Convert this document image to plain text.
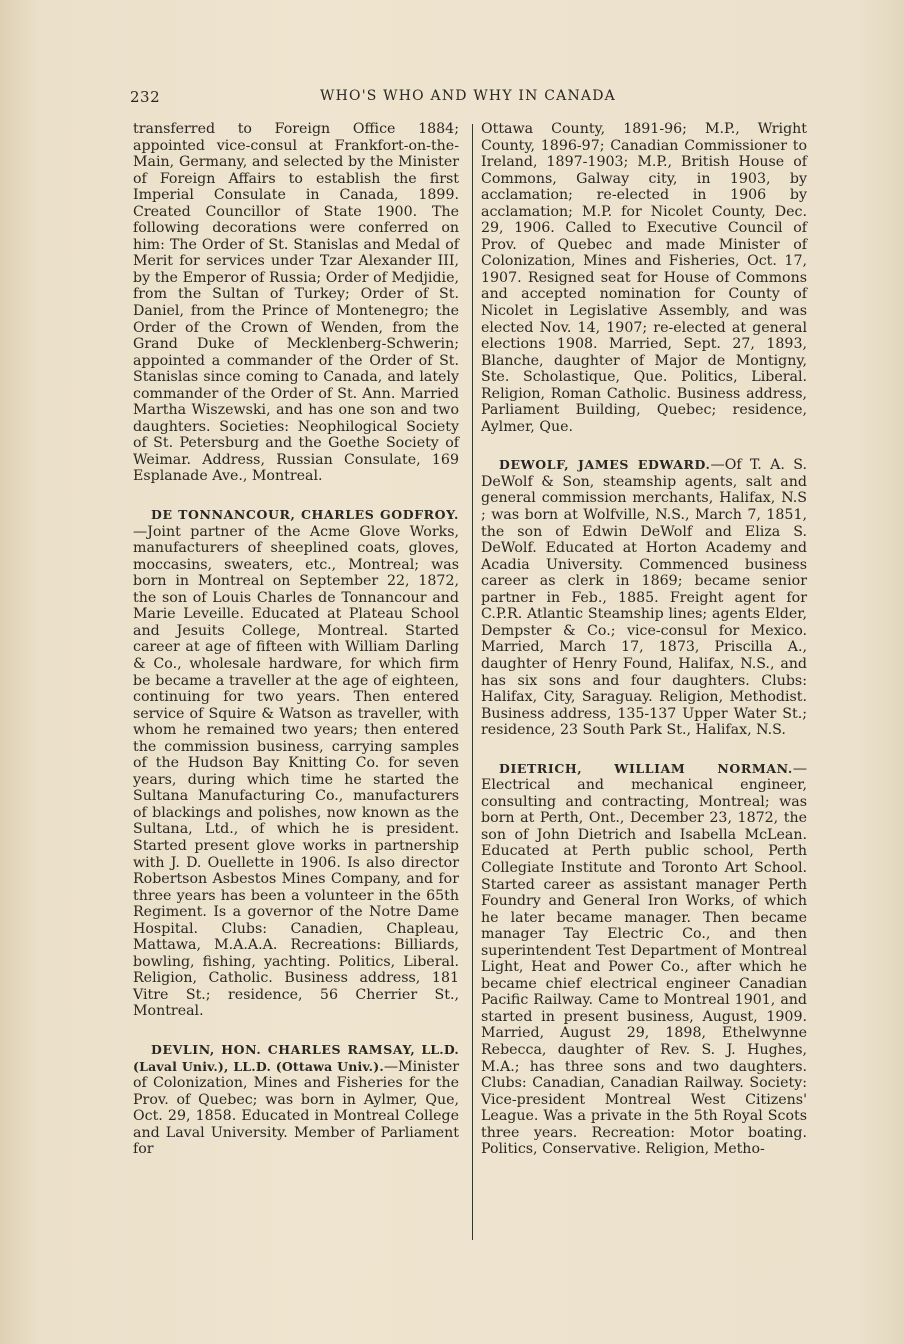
232	WHO'S WHO AND WHY IN CANADA

transferred to Foreign Office 1884; appointed vice-consul at Frankfort-on-the-Main, Germany, and selected by the Minister of Foreign Affairs to establish the first Imperial Consulate in Canada, 1899. Created Councillor of State 1900. The following decorations were conferred on him: The Order of St. Stanislas and Medal of Merit for services under Tzar Alexander III, by the Emperor of Russia; Order of Medjidie, from the Sultan of Turkey; Order of St. Daniel, from the Prince of Montenegro; the Order of the Crown of Wenden, from the Grand Duke of Mecklenberg-Schwerin; appointed a commander of the Order of St. Stanislas since coming to Canada, and lately commander of the Order of St. Ann. Married Martha Wiszewski, and has one son and two daughters. Societies: Neophilogical Society of St. Petersburg and the Goethe Society of Weimar. Address, Russian Consulate, 169 Esplanade Ave., Montreal.

DE TONNANCOUR, CHARLES GODFROY.—Joint partner of the Acme Glove Works, manufacturers of sheeplined coats, gloves, moccasins, sweaters, etc., Montreal; was born in Montreal on September 22, 1872, the son of Louis Charles de Tonnancour and Marie Leveille. Educated at Plateau School and Jesuits College, Montreal. Started career at age of fifteen with William Darling & Co., wholesale hardware, for which firm be became a traveller at the age of eighteen, continuing for two years. Then entered service of Squire & Watson as traveller, with whom he remained two years; then entered the commission business, carrying samples of the Hudson Bay Knitting Co. for seven years, during which time he started the Sultana Manufacturing Co., manufacturers of blackings and polishes, now known as the Sultana, Ltd., of which he is president. Started present glove works in partnership with J. D. Ouellette in 1906. Is also director Robertson Asbestos Mines Company, and for three years has been a volunteer in the 65th Regiment. Is a governor of the Notre Dame Hospital. Clubs: Canadien, Chapleau, Mattawa, M.A.A.A. Recreations: Billiards, bowling, fishing, yachting. Politics, Liberal. Religion, Catholic. Business address, 181 Vitre St.; residence, 56 Cherrier St., Montreal.

DEVLIN, HON. CHARLES RAMSAY, LL.D. (Laval Univ.), LL.D. (Ottawa Univ.).—Minister of Colonization, Mines and Fisheries for the Prov. of Quebec; was born in Aylmer, Que, Oct. 29, 1858. Educated in Montreal College and Laval University. Member of Parliament for

Ottawa County, 1891-96; M.P., Wright County, 1896-97; Canadian Commissioner to Ireland, 1897-1903; M.P., British House of Commons, Galway city, in 1903, by acclamation; re-elected in 1906 by acclamation; M.P. for Nicolet County, Dec. 29, 1906. Called to Executive Council of Prov. of Quebec and made Minister of Colonization, Mines and Fisheries, Oct. 17, 1907. Resigned seat for House of Commons and accepted nomination for County of Nicolet in Legislative Assembly, and was elected Nov. 14, 1907; re-elected at general elections 1908. Married, Sept. 27, 1893, Blanche, daughter of Major de Montigny, Ste. Scholastique, Que. Politics, Liberal. Religion, Roman Catholic. Business address, Parliament Building, Quebec; residence, Aylmer, Que.

DEWOLF, JAMES EDWARD.—Of T. A. S. DeWolf & Son, steamship agents, salt and general commission merchants, Halifax, N.S ; was born at Wolfville, N.S., March 7, 1851, the son of Edwin DeWolf and Eliza S. DeWolf. Educated at Horton Academy and Acadia University. Commenced business career as clerk in 1869; became senior partner in Feb., 1885. Freight agent for C.P.R. Atlantic Steamship lines; agents Elder, Dempster & Co.; vice-consul for Mexico. Married, March 17, 1873, Priscilla A., daughter of Henry Found, Halifax, N.S., and has six sons and four daughters. Clubs: Halifax, City, Saraguay. Religion, Methodist. Business address, 135-137 Upper Water St.; residence, 23 South Park St., Halifax, N.S.

DIETRICH, WILLIAM NORMAN.—Electrical and mechanical engineer, consulting and contracting, Montreal; was born at Perth, Ont., December 23, 1872, the son of John Dietrich and Isabella McLean. Educated at Perth public school, Perth Collegiate Institute and Toronto Art School. Started career as assistant manager Perth Foundry and General Iron Works, of which he later became manager. Then became manager Tay Electric Co., and then superintendent Test Department of Montreal Light, Heat and Power Co., after which he became chief electrical engineer Canadian Pacific Railway. Came to Montreal 1901, and started in present business, August, 1909. Married, August 29, 1898, Ethelwynne Rebecca, daughter of Rev. S. J. Hughes, M.A.; has three sons and two daughters. Clubs: Canadian, Canadian Railway. Society: Vice-president Montreal West Citizens' League. Was a private in the 5th Royal Scots three years. Recreation: Motor boating. Politics, Conservative. Religion, Metho-
